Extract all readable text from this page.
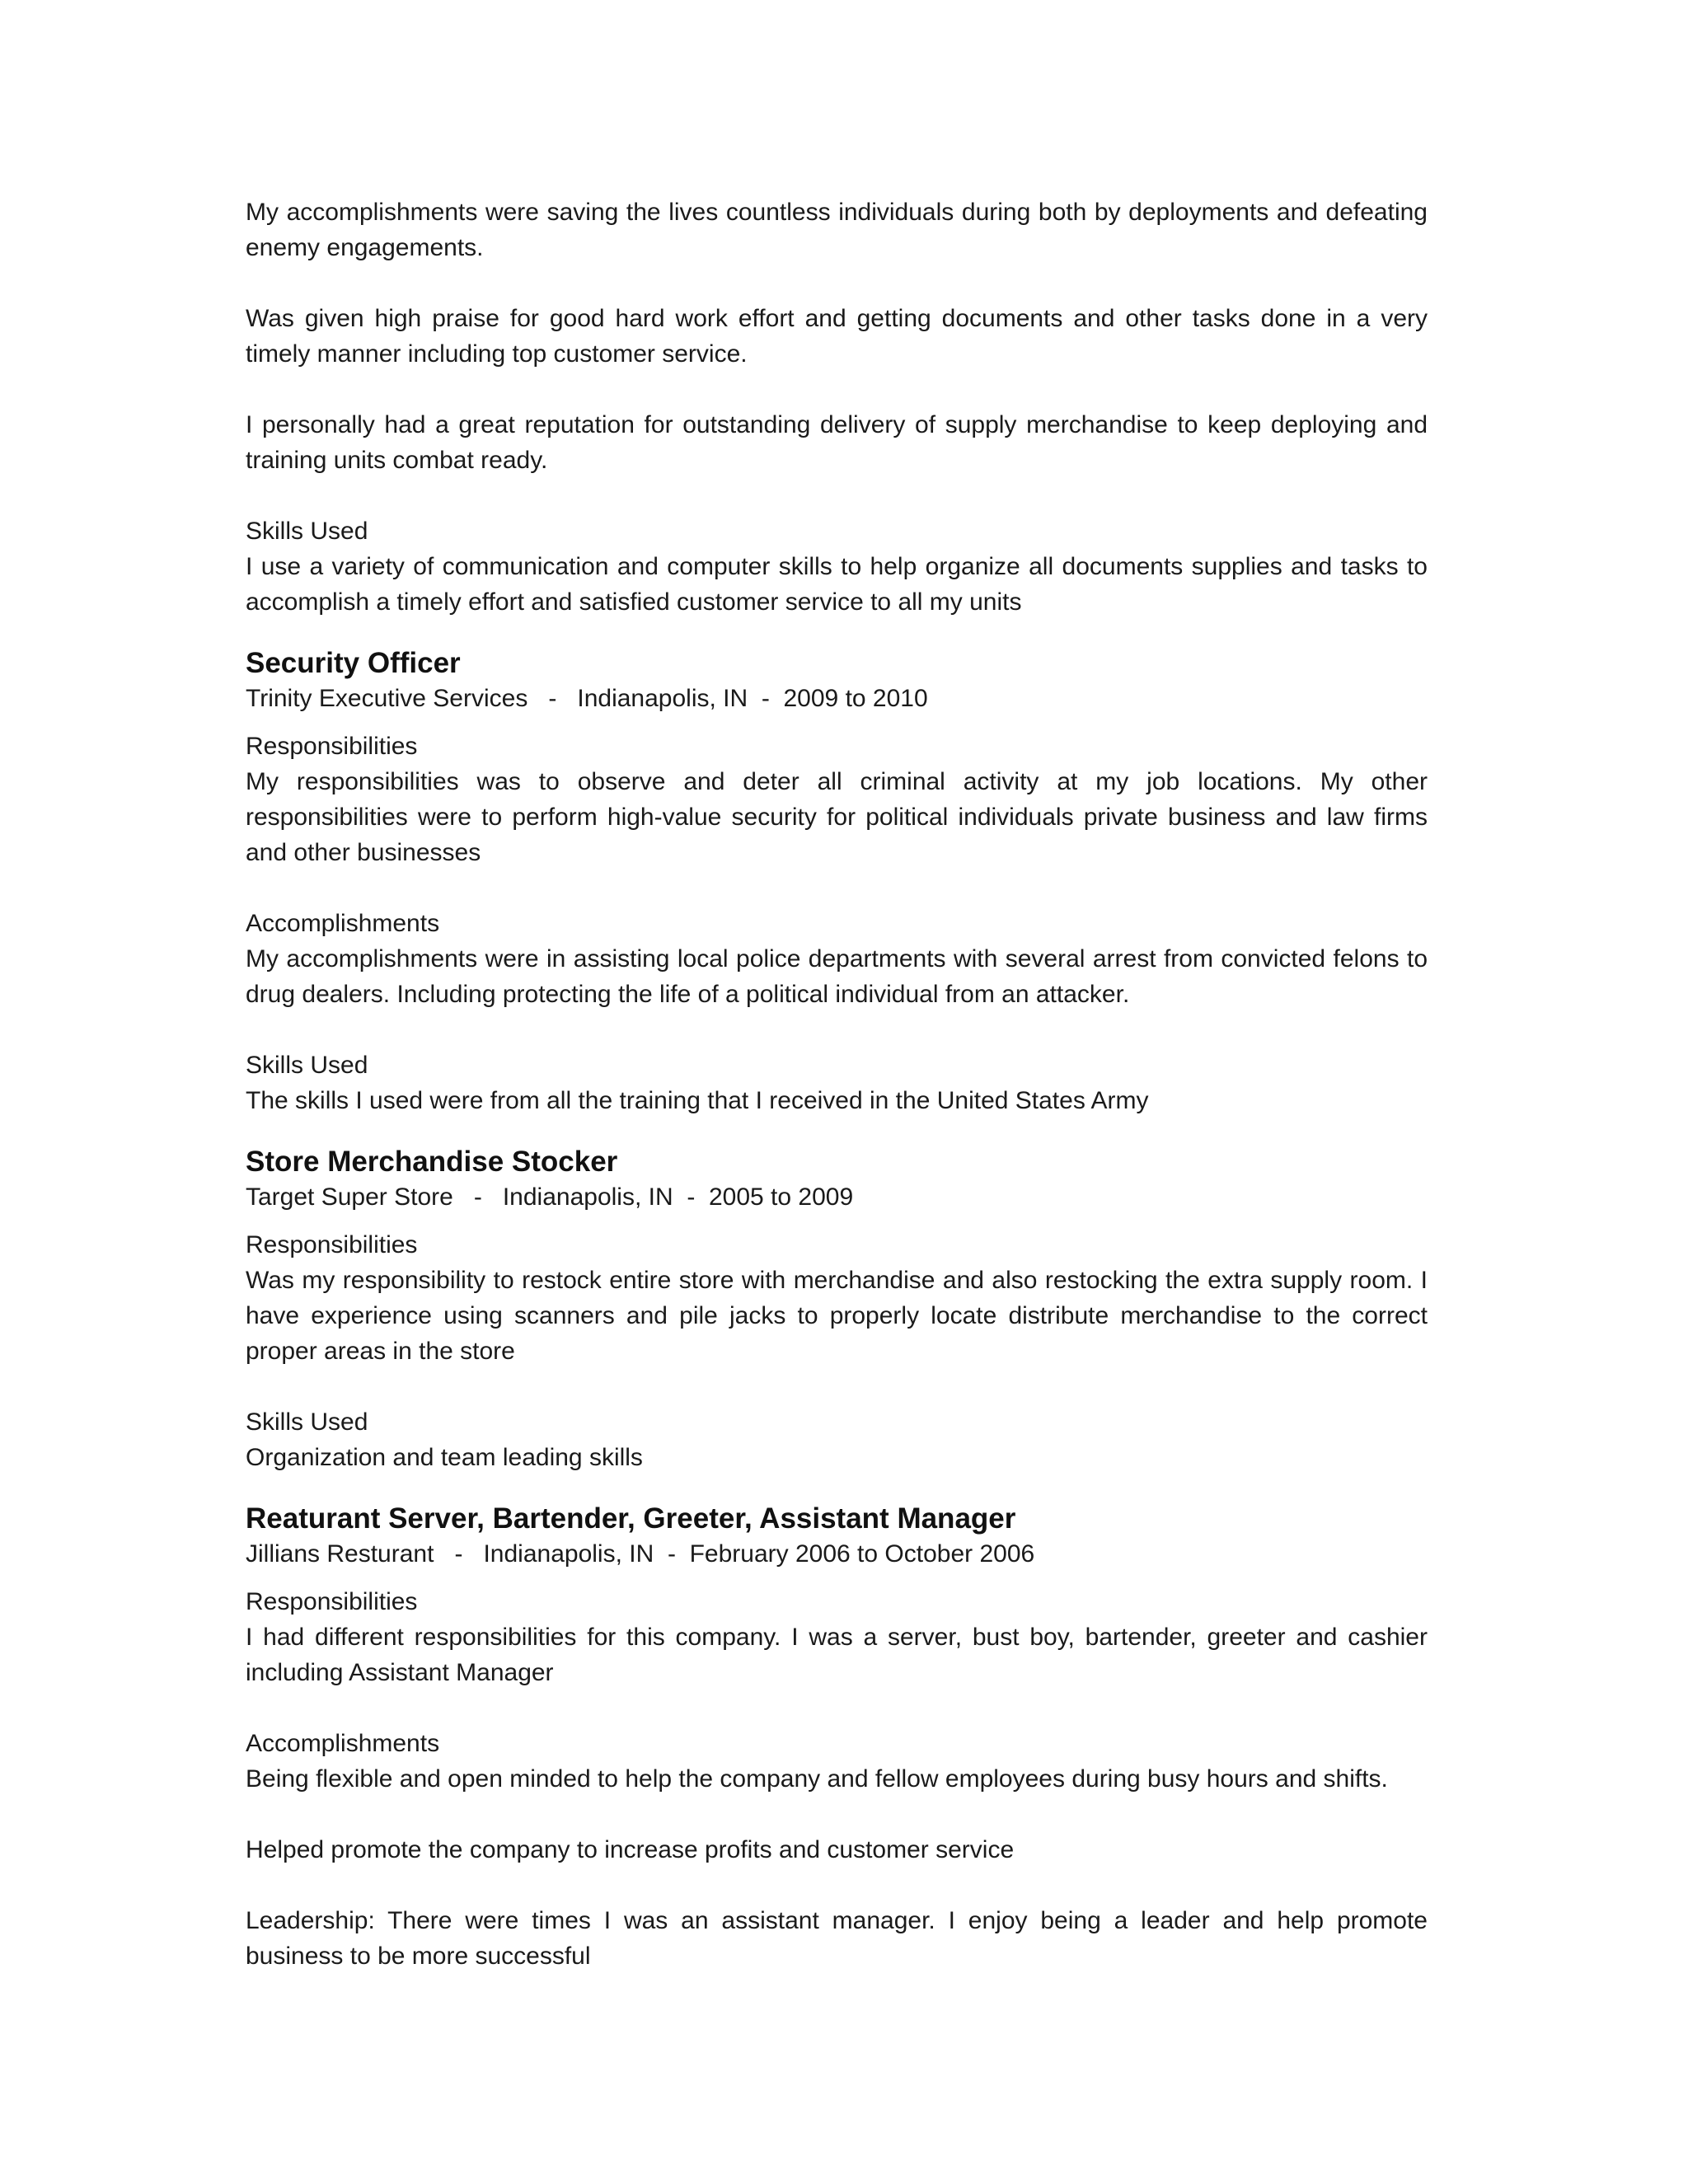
My accomplishments were saving the lives countless individuals during both by deployments and defeating enemy engagements.

Was given high praise for good hard work effort and getting documents and other tasks done in a very timely manner including top customer service.

I personally had a great reputation for outstanding delivery of supply merchandise to keep deploying and training units combat ready.

Skills Used

I use a variety of communication and computer skills to help organize all documents supplies and tasks to accomplish a timely effort and satisfied customer service to all my units

Security Officer

Trinity Executive Services - Indianapolis, IN - 2009 to 2010

Responsibilities

My responsibilities was to observe and deter all criminal activity at my job locations. My other responsibilities were to perform high-value security for political individuals private business and law firms and other businesses

Accomplishments

My accomplishments were in assisting local police departments with several arrest from convicted felons to drug dealers. Including protecting the life of a political individual from an attacker.

Skills Used

The skills I used were from all the training that I received in the United States Army

Store Merchandise Stocker

Target Super Store - Indianapolis, IN - 2005 to 2009

Responsibilities

Was my responsibility to restock entire store with merchandise and also restocking the extra supply room. I have experience using scanners and pile jacks to properly locate distribute merchandise to the correct proper areas in the store

Skills Used

Organization and team leading skills

Reaturant Server, Bartender, Greeter, Assistant Manager

Jillians Resturant - Indianapolis, IN - February 2006 to October 2006

Responsibilities

I had different responsibilities for this company. I was a server, bust boy, bartender, greeter and cashier including Assistant Manager

Accomplishments

Being flexible and open minded to help the company and fellow employees during busy hours and shifts.

Helped promote the company to increase profits and customer service

Leadership: There were times I was an assistant manager. I enjoy being a leader and help promote business to be more successful
